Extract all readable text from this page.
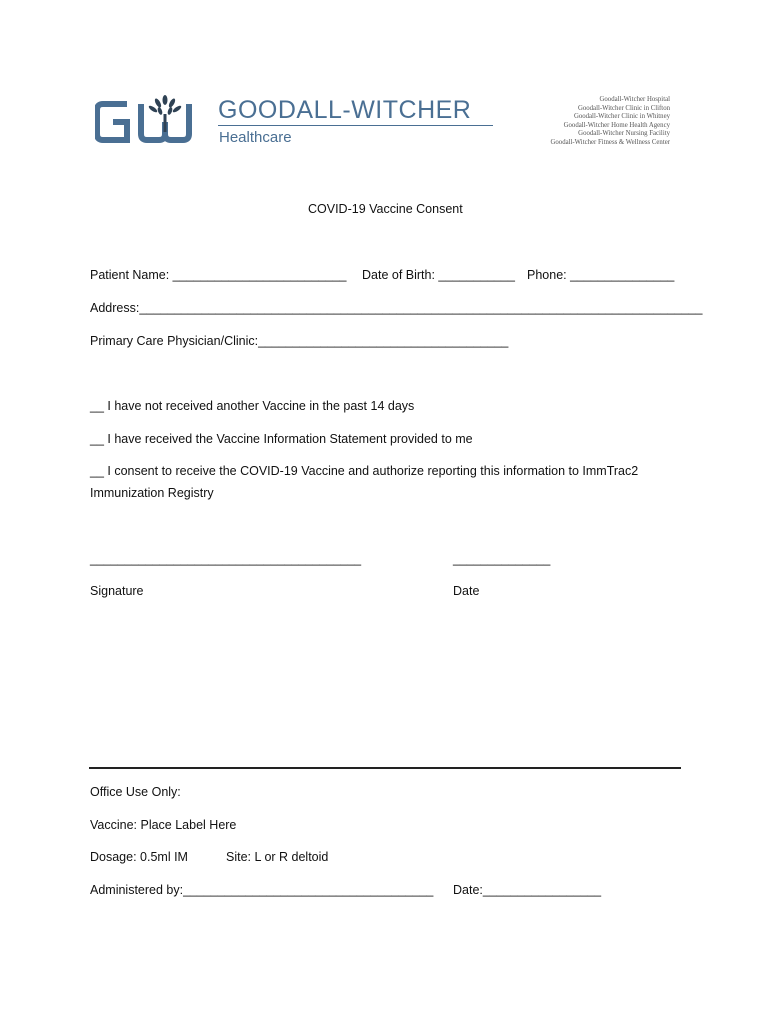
GOODALL-WITCHER
Healthcare
Goodall-Witcher Hospital
Goodall-Witcher Clinic in Clifton
Goodall-Witcher Clinic in Whitney
Goodall-Witcher Home Health Agency
Goodall-Witcher Nursing Facility
Goodall-Witcher Fitness & Wellness Center
COVID-19 Vaccine Consent
Patient Name: _________________________ Date of Birth: ___________ Phone: _______________
Address:_________________________________________________________________________________
Primary Care Physician/Clinic:____________________________________
__ I have not received another Vaccine in the past 14 days
__ I have received the Vaccine Information Statement provided to me
__ I consent to receive the COVID-19 Vaccine and authorize reporting this information to ImmTrac2
Immunization Registry
_______________________________________	______________
Signature	Date
Office Use Only:
Vaccine: Place Label Here
Dosage: 0.5ml IM	Site: L or R deltoid
Administered by:____________________________________ Date:_________________
